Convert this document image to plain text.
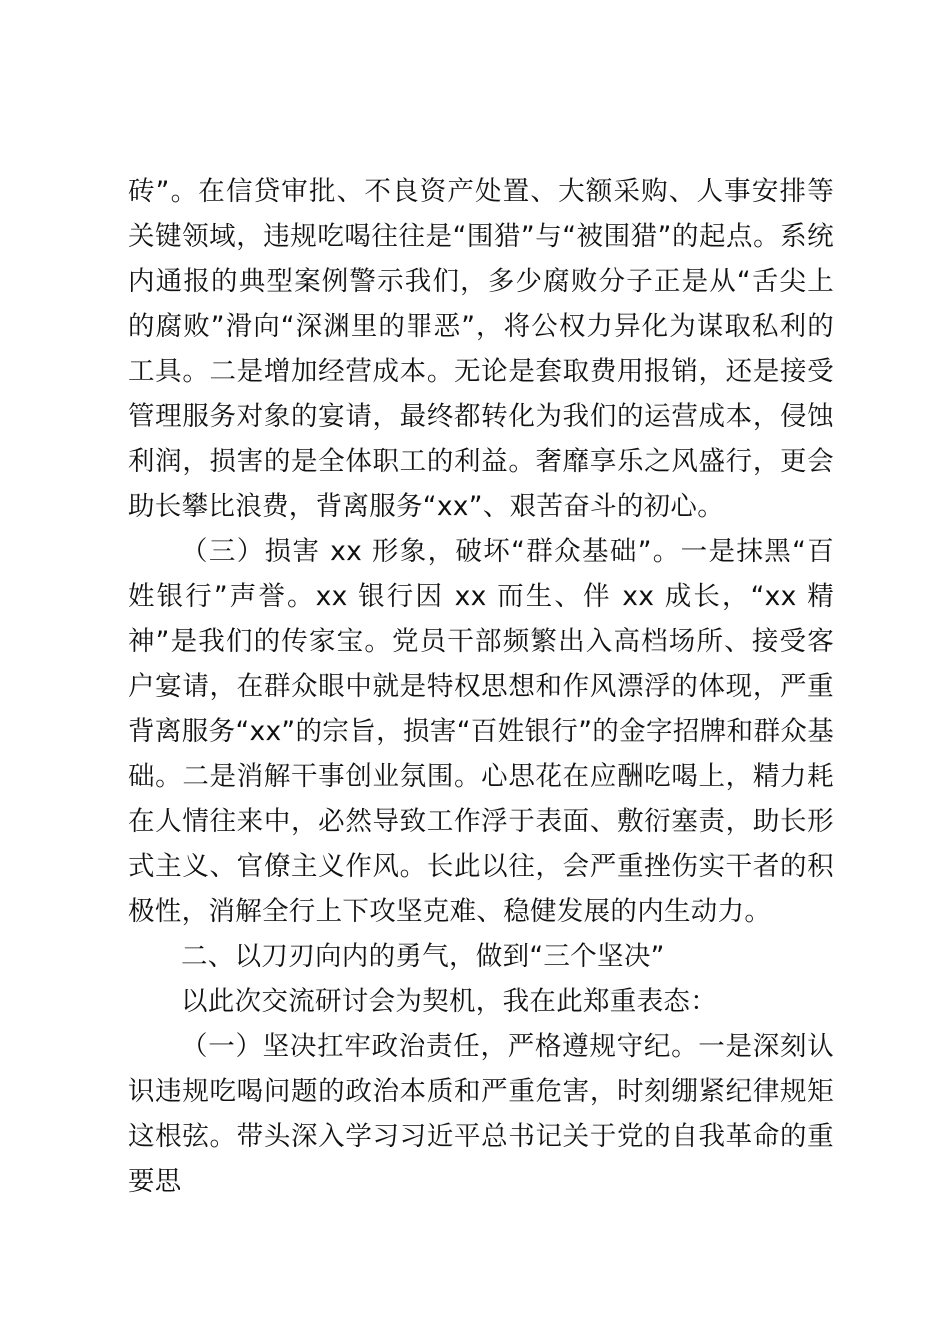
砖”。在信贷审批、不良资产处置、大额采购、人事安排等关键领域，违规吃喝往往是“围猎”与“被围猎”的起点。系统内通报的典型案例警示我们，多少腐败分子正是从“舌尖上的腐败”滑向“深渊里的罪恶”，将公权力异化为谋取私利的工具。二是增加经营成本。无论是套取费用报销，还是接受管理服务对象的宴请，最终都转化为我们的运营成本，侵蚀利润，损害的是全体职工的利益。奢靡享乐之风盛行，更会助长攀比浪费，背离服务“xx”、艰苦奋斗的初心。

（三）损害 xx 形象，破坏“群众基础”。一是抹黑“百姓银行”声誉。xx 银行因 xx 而生、伴 xx 成长，“xx 精神”是我们的传家宝。党员干部频繁出入高档场所、接受客户宴请，在群众眼中就是特权思想和作风漂浮的体现，严重背离服务“xx”的宗旨，损害“百姓银行”的金字招牌和群众基础。二是消解干事创业氛围。心思花在应酬吃喝上，精力耗在人情往来中，必然导致工作浮于表面、敷衍塞责，助长形式主义、官僚主义作风。长此以往，会严重挫伤实干者的积极性，消解全行上下攻坚克难、稳健发展的内生动力。

二、以刀刃向内的勇气，做到“三个坚决”

以此次交流研讨会为契机，我在此郑重表态：

（一）坚决扛牢政治责任，严格遵规守纪。一是深刻认识违规吃喝问题的政治本质和严重危害，时刻绷紧纪律规矩这根弦。带头深入学习习近平总书记关于党的自我革命的重要思
